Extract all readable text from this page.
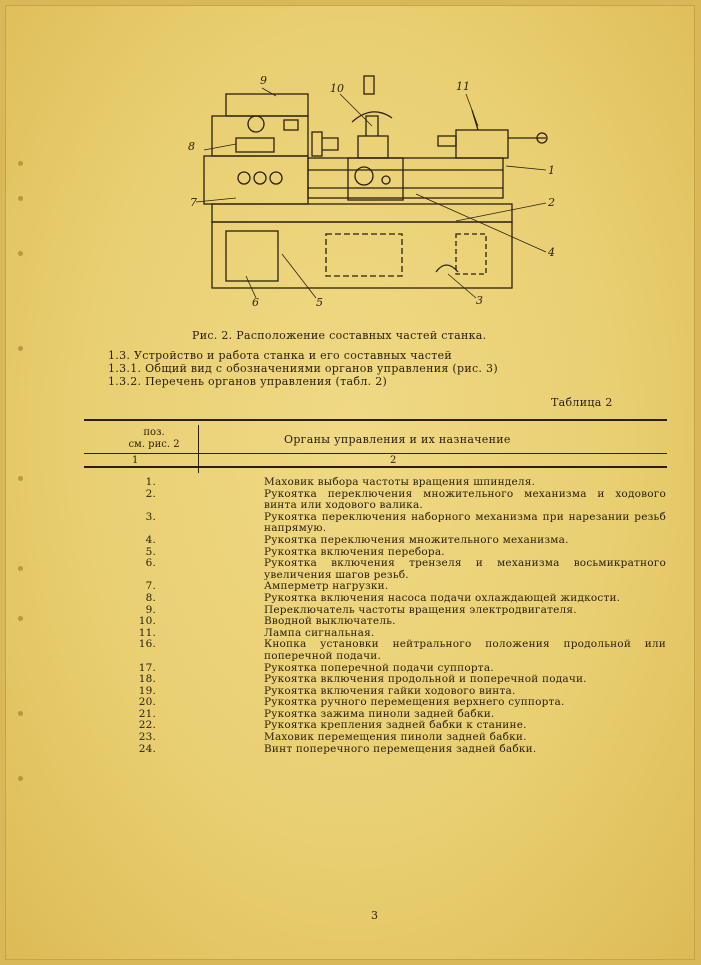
9
10	11
8
1
7	2
4
3
5
6
Рис. 2. Расположение составных частей станка.
1.3. Устройство и работа станка и его составных частей
1.3.1. Общий вид с обозначениями органов управления (рис. 3)
1.3.2. Перечень органов управления (табл. 2)
Таблица 2
поз.
см. рис. 2	Органы управления и их назначение
1	2
1.	Маховик выбора частоты вращения шпинделя.
2.	Рукоятка переключения множительного механизма и ходового винта или ходового валика.
3.	Рукоятка переключения наборного механизма при нарезании резьб напрямую.
4.	Рукоятка переключения множительного механизма.
5.	Рукоятка включения перебора.
6.	Рукоятка включения трензеля и механизма восьмикратного увеличения шагов резьб.
7.	Амперметр нагрузки.
8.	Рукоятка включения насоса подачи охлаждающей жидкости.
9.	Переключатель частоты вращения электродвигателя.
10.	Вводной выключатель.
11.	Лампа сигнальная.
16.	Кнопка установки нейтрального положения продольной или поперечной подачи.
17.	Рукоятка поперечной подачи суппорта.
18.	Рукоятка включения продольной и поперечной подачи.
19.	Рукоятка включения гайки ходового винта.
20.	Рукоятка ручного перемещения верхнего суппорта.
21.	Рукоятка зажима пиноли задней бабки.
22.	Рукоятка крепления задней бабки к станине.
23.	Маховик перемещения пиноли задней бабки.
24.	Винт поперечного перемещения задней бабки.
3
